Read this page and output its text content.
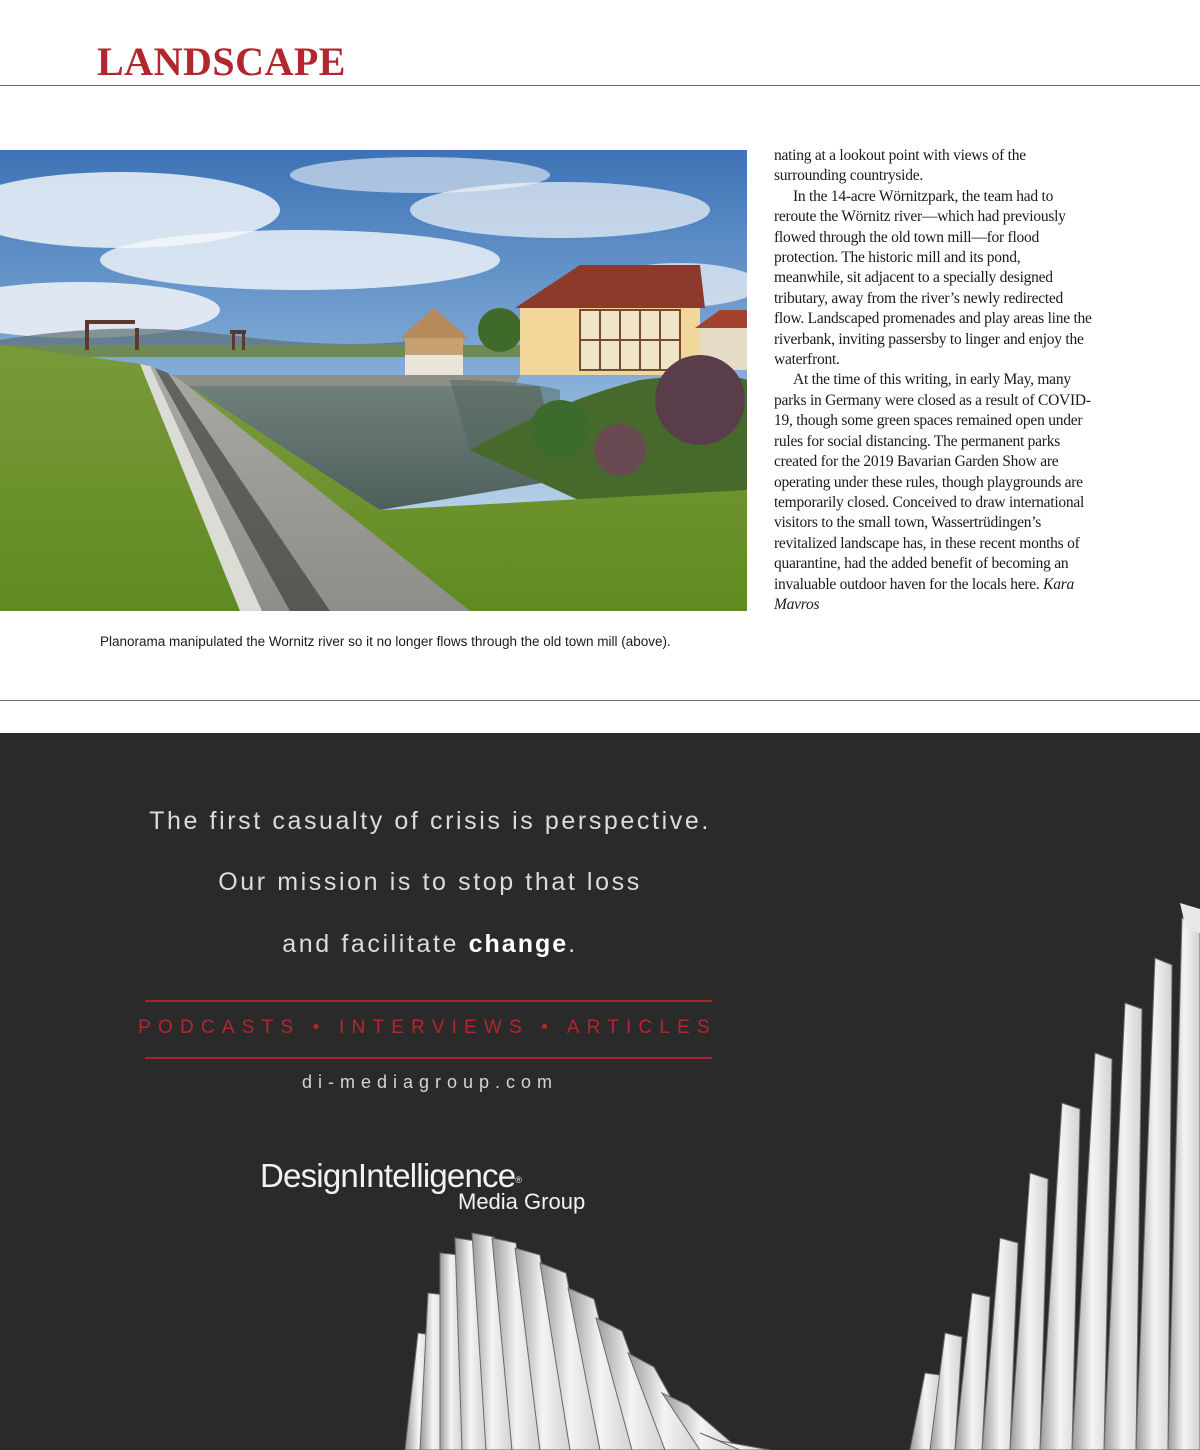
LANDSCAPE
Planorama manipulated the Wornitz river so it no longer flows through the old town mill (above).

nating at a lookout point with views of the surrounding countryside.

In the 14-acre Wörnitzpark, the team had to reroute the Wörnitz river—which had previously flowed through the old town mill—for flood protection. The historic mill and its pond, meanwhile, sit adjacent to a specially designed tributary, away from the river’s newly redirected flow. Landscaped promenades and play areas line the riverbank, inviting passersby to linger and enjoy the waterfront.

At the time of this writing, in early May, many parks in Germany were closed as a result of COVID-19, though some green spaces remained open under rules for social distancing. The permanent parks created for the 2019 Bavarian Garden Show are operating under these rules, though playgrounds are temporarily closed. Conceived to draw international visitors to the small town, Wassertrüdingen’s revitalized landscape has, in these recent months of quarantine, had the added benefit of becoming an invaluable outdoor haven for the locals here. Kara Mavros

The first casualty of crisis is perspective.
Our mission is to stop that loss
and facilitate change.
PODCASTS • INTERVIEWS • ARTICLES
di-mediagroup.com
DesignIntelligence®
Media Group
